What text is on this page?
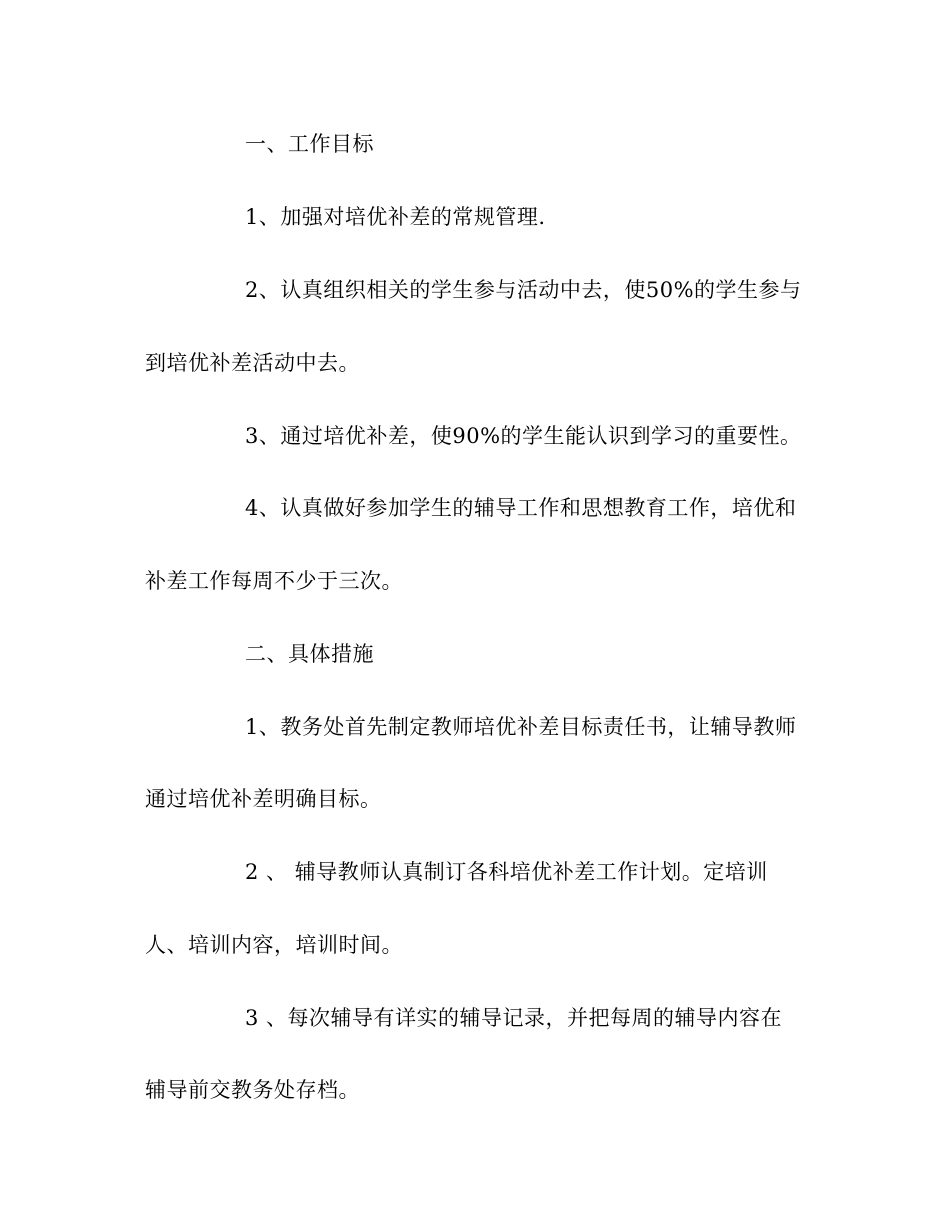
一、工作目标
1、加强对培优补差的常规管理.
2、认真组织相关的学生参与活动中去，使50%的学生参与
到培优补差活动中去。
3、通过培优补差，使90%的学生能认识到学习的重要性。
4、认真做好参加学生的辅导工作和思想教育工作，培优和
补差工作每周不少于三次。
二、具体措施
1、教务处首先制定教师培优补差目标责任书，让辅导教师
通过培优补差明确目标。
2 、 辅导教师认真制订各科培优补差工作计划。定培训
人、培训内容，培训时间。
3 、每次辅导有详实的辅导记录，并把每周的辅导内容在
辅导前交教务处存档。
